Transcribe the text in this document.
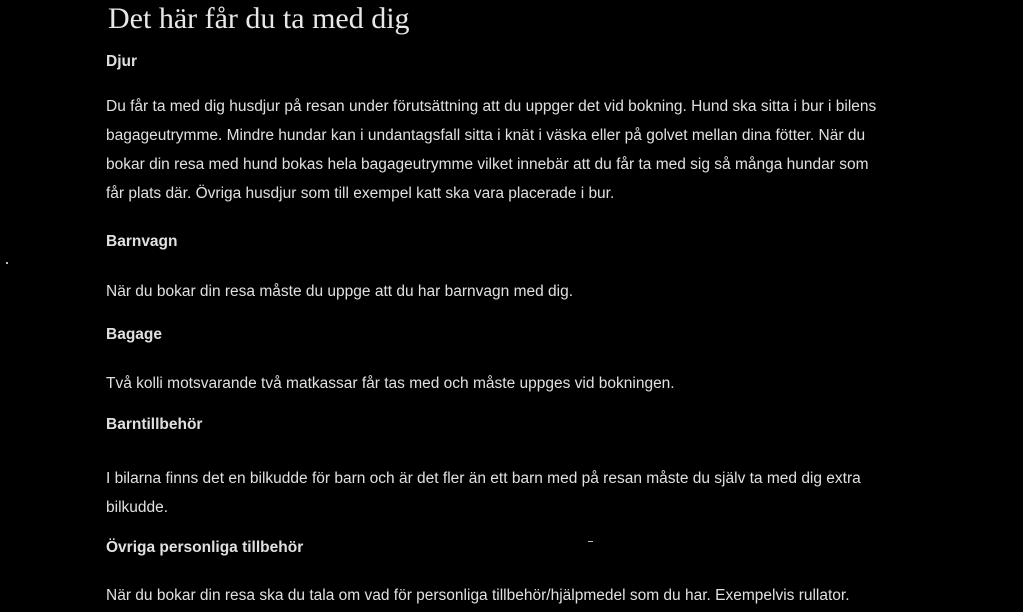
Det här får du ta med dig
Djur

Du får ta med dig husdjur på resan under förutsättning att du uppger det vid bokning. Hund ska sitta i bur i bilens
bagageutrymme. Mindre hundar kan i undantagsfall sitta i knät i väska eller på golvet mellan dina fötter. När du
bokar din resa med hund bokas hela bagageutrymme vilket innebär att du får ta med sig så många hundar som
får plats där. Övriga husdjur som till exempel katt ska vara placerade i bur.

Barnvagn

När du bokar din resa måste du uppge att du har barnvagn med dig.

Bagage

Två kolli motsvarande två matkassar får tas med och måste uppges vid bokningen.

Barntillbehör

I bilarna finns det en bilkudde för barn och är det fler än ett barn med på resan måste du själv ta med dig extra
bilkudde.

Övriga personliga tillbehör

När du bokar din resa ska du tala om vad för personliga tillbehör/hjälpmedel som du har. Exempelvis rullator.
